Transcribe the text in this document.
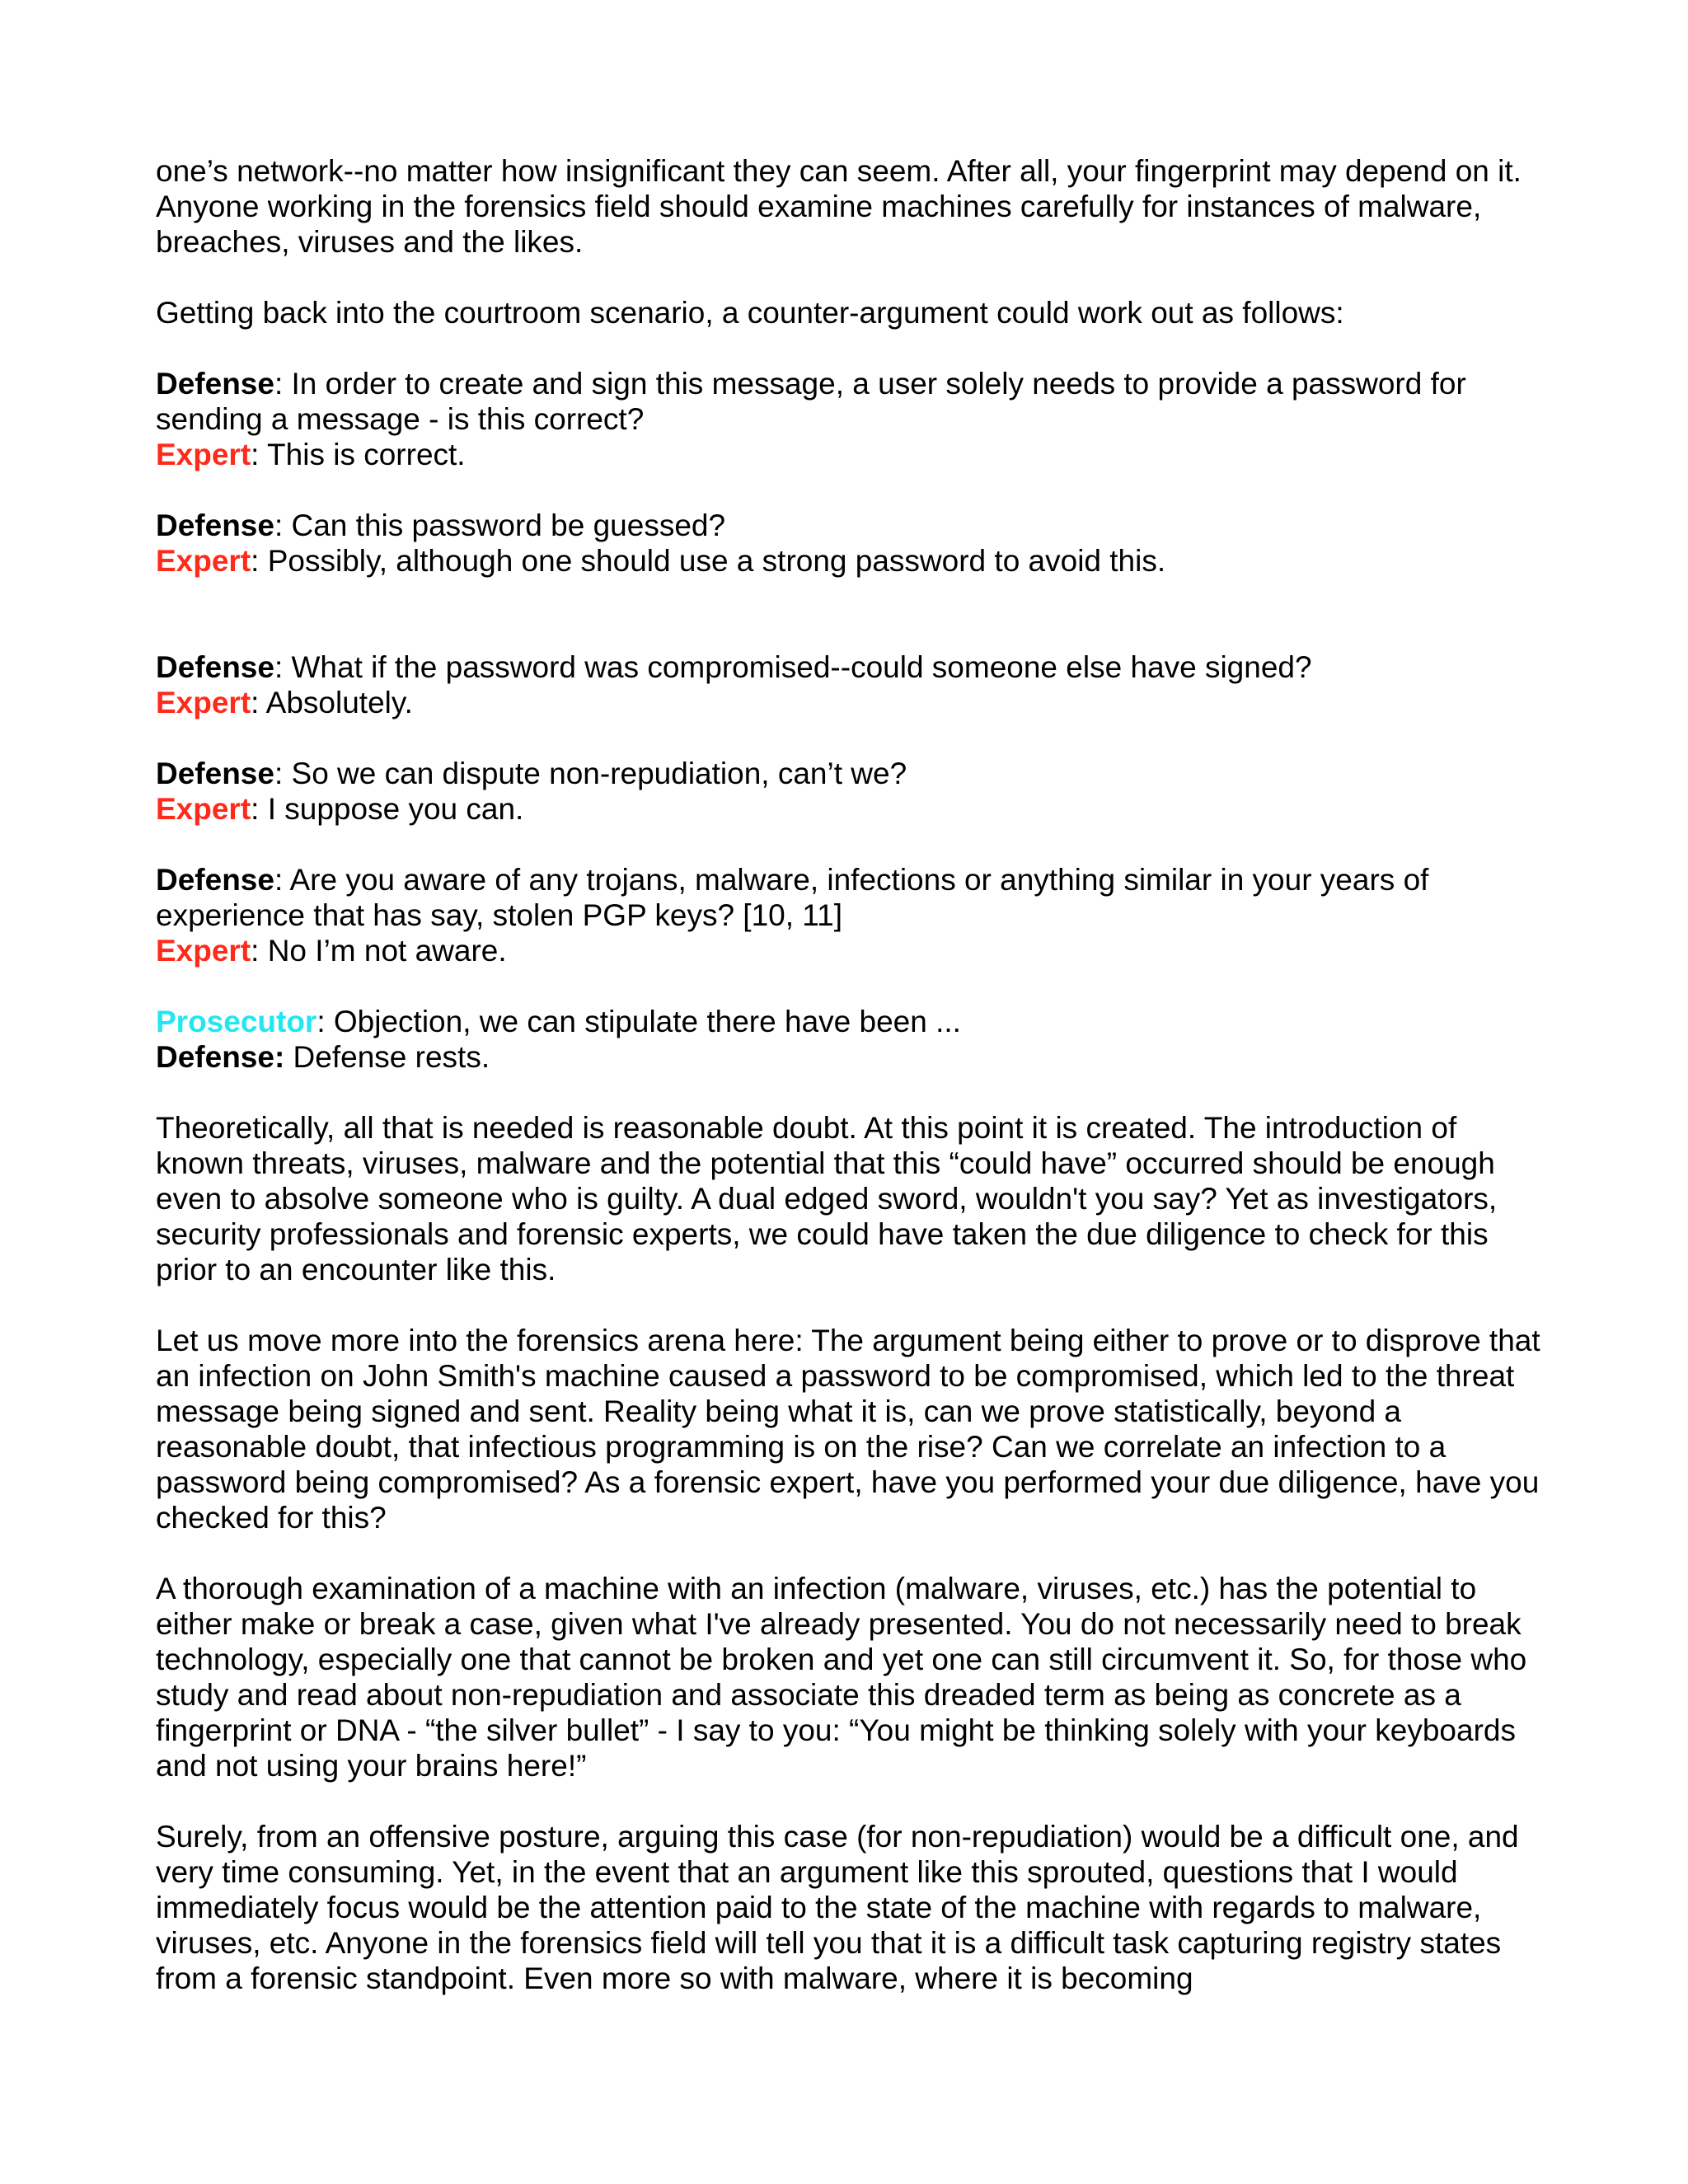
one’s network--no matter how insignificant they can seem. After all, your fingerprint may depend on it. Anyone working in the forensics field should examine machines carefully for instances of malware, breaches, viruses and the likes.

Getting back into the courtroom scenario, a counter-argument could work out as follows:

Defense: In order to create and sign this message, a user solely needs to provide a password for sending a message - is this correct?
Expert: This is correct.
Defense: Can this password be guessed?
Expert: Possibly, although one should use a strong password to avoid this.
Defense: What if the password was compromised--could someone else have signed?
Expert: Absolutely.
Defense: So we can dispute non-repudiation, can’t we?
Expert: I suppose you can.
Defense: Are you aware of any trojans, malware, infections or anything similar in your years of experience that has say, stolen PGP keys? [10, 11]
Expert: No I’m not aware.
Prosecutor: Objection, we can stipulate there have been ...
Defense: Defense rests.

Theoretically, all that is needed is reasonable doubt. At this point it is created. The introduction of known threats, viruses, malware and the potential that this “could have” occurred should be enough even to absolve someone who is guilty. A dual edged sword, wouldn't you say? Yet as investigators, security professionals and forensic experts, we could have taken the due diligence to check for this prior to an encounter like this.

Let us move more into the forensics arena here: The argument being either to prove or to disprove that an infection on John Smith's machine caused a password to be compromised, which led to the threat message being signed and sent. Reality being what it is, can we prove statistically, beyond a reasonable doubt, that infectious programming is on the rise? Can we correlate an infection to a password being compromised? As a forensic expert, have you performed your due diligence, have you checked for this?

A thorough examination of a machine with an infection (malware, viruses, etc.) has the potential to either make or break a case, given what I've already presented. You do not necessarily need to break technology, especially one that cannot be broken and yet one can still circumvent it. So, for those who study and read about non-repudiation and associate this dreaded term as being as concrete as a fingerprint or DNA - “the silver bullet” - I say to you: “You might be thinking solely with your keyboards and not using your brains here!”

Surely, from an offensive posture, arguing this case (for non-repudiation) would be a difficult one, and very time consuming. Yet, in the event that an argument like this sprouted, questions that I would immediately focus would be the attention paid to the state of the machine with regards to malware, viruses, etc. Anyone in the forensics field will tell you that it is a difficult task capturing registry states from a forensic standpoint. Even more so with malware, where it is becoming
